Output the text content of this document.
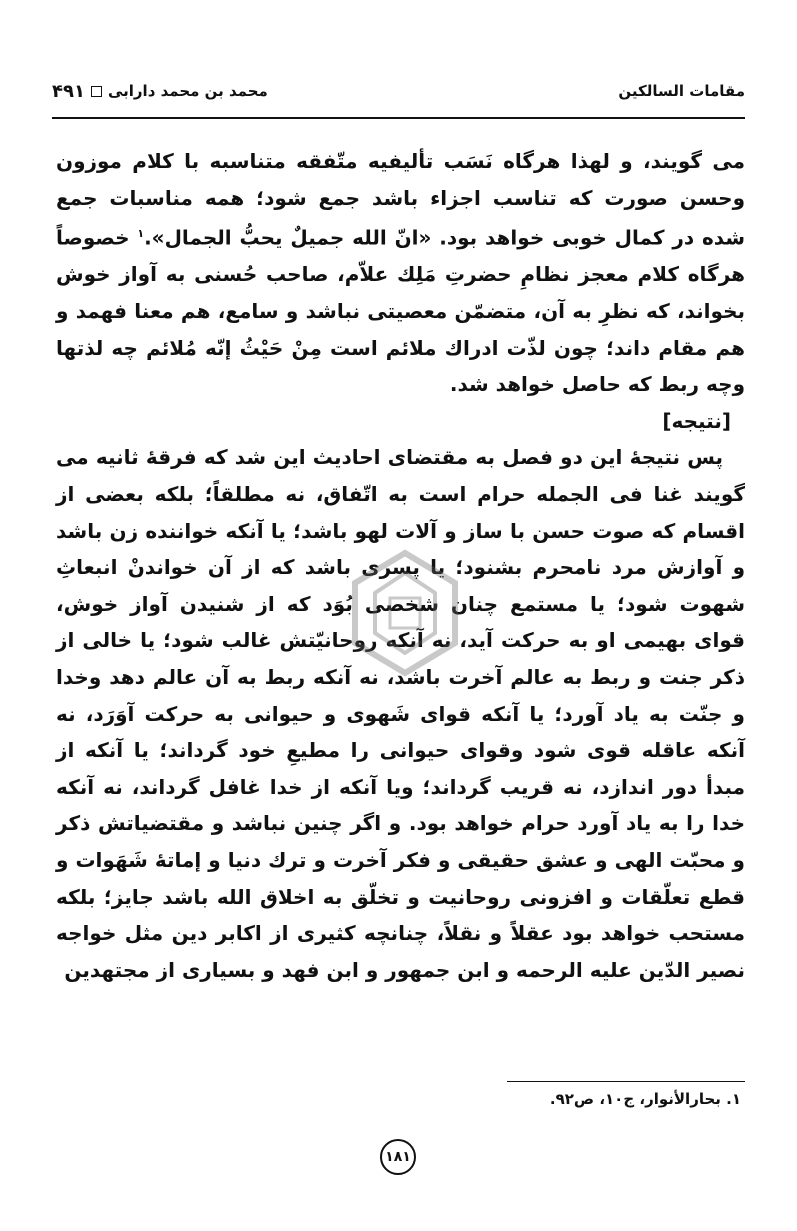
مقامات السالکین
محمد بن محمد دارابی
۴۹۱

می گویند، و لهذا هرگاه نَسَب تألیفیه متّفقه متناسبه با کلام موزون وحسن صورت که تناسب اجزاء باشد جمع شود؛ همه مناسبات جمع شده در کمال خوبی خواهد بود. «انّ الله جمیلٌ یحبُّ الجمال».$^۱$ خصوصاً هرگاه کلام معجز نظامِ حضرتِ مَلِك علاّم، صاحب حُسنی به آواز خوش بخواند، که نظرِ به آن، متضمّن معصیتی نباشد و سامع، هم معنا فهمد و هم مقام داند؛ چون لذّت ادراك ملائم است مِنْ حَیْثُ إنّه مُلائم چه لذتها وچه ربط که حاصل خواهد شد.

[نتیجه]

پس نتیجهٔ این دو فصل به مقتضای احادیث این شد که فرقهٔ ثانیه می گویند غنا فی الجمله حرام است به اتّفاق، نه مطلقاً؛ بلکه بعضی از اقسام که صوت حسن با ساز و آلات لهو باشد؛ یا آنکه خواننده زن باشد و آوازش مرد نامحرم بشنود؛ یا پسری باشد که از آن خواندنْ انبعاثِ شهوت شود؛ یا مستمع چنان شخصی بُوَد که از شنیدن آواز خوش، قوای بهیمی او به حرکت آید، نه آنکه روحانیّتش غالب شود؛ یا خالی از ذکر جنت و ربط به عالم آخرت باشد، نه آنکه ربط به آن عالم دهد وخدا و جنّت به یاد آورد؛ یا آنکه قوای شَهوی و حیوانی به حرکت آوَرَد، نه آنکه عاقله قوی شود وقوای حیوانی را مطیعِ خود گرداند؛ یا آنکه از مبدأ دور اندازد، نه قریب گرداند؛ ویا آنکه از خدا غافل گرداند، نه آنکه خدا را به یاد آورد حرام خواهد بود. و اگر چنین نباشد و مقتضیاتش ذکر و محبّت الهی و عشق حقیقی و فکر آخرت و ترك دنیا و إماتهٔ شَهَوات و قطع تعلّقات و افزونی روحانیت و تخلّق به اخلاق الله باشد جایز؛ بلکه مستحب خواهد بود عقلاً و نقلاً، چنانچه کثیری از اکابر دین مثل خواجه نصیر الدّین علیه الرحمه و ابن جمهور و ابن فهد و بسیاری از مجتهدین

۱. بحارالأنوار، ج۱۰، ص۹۲.
۱۸۱
